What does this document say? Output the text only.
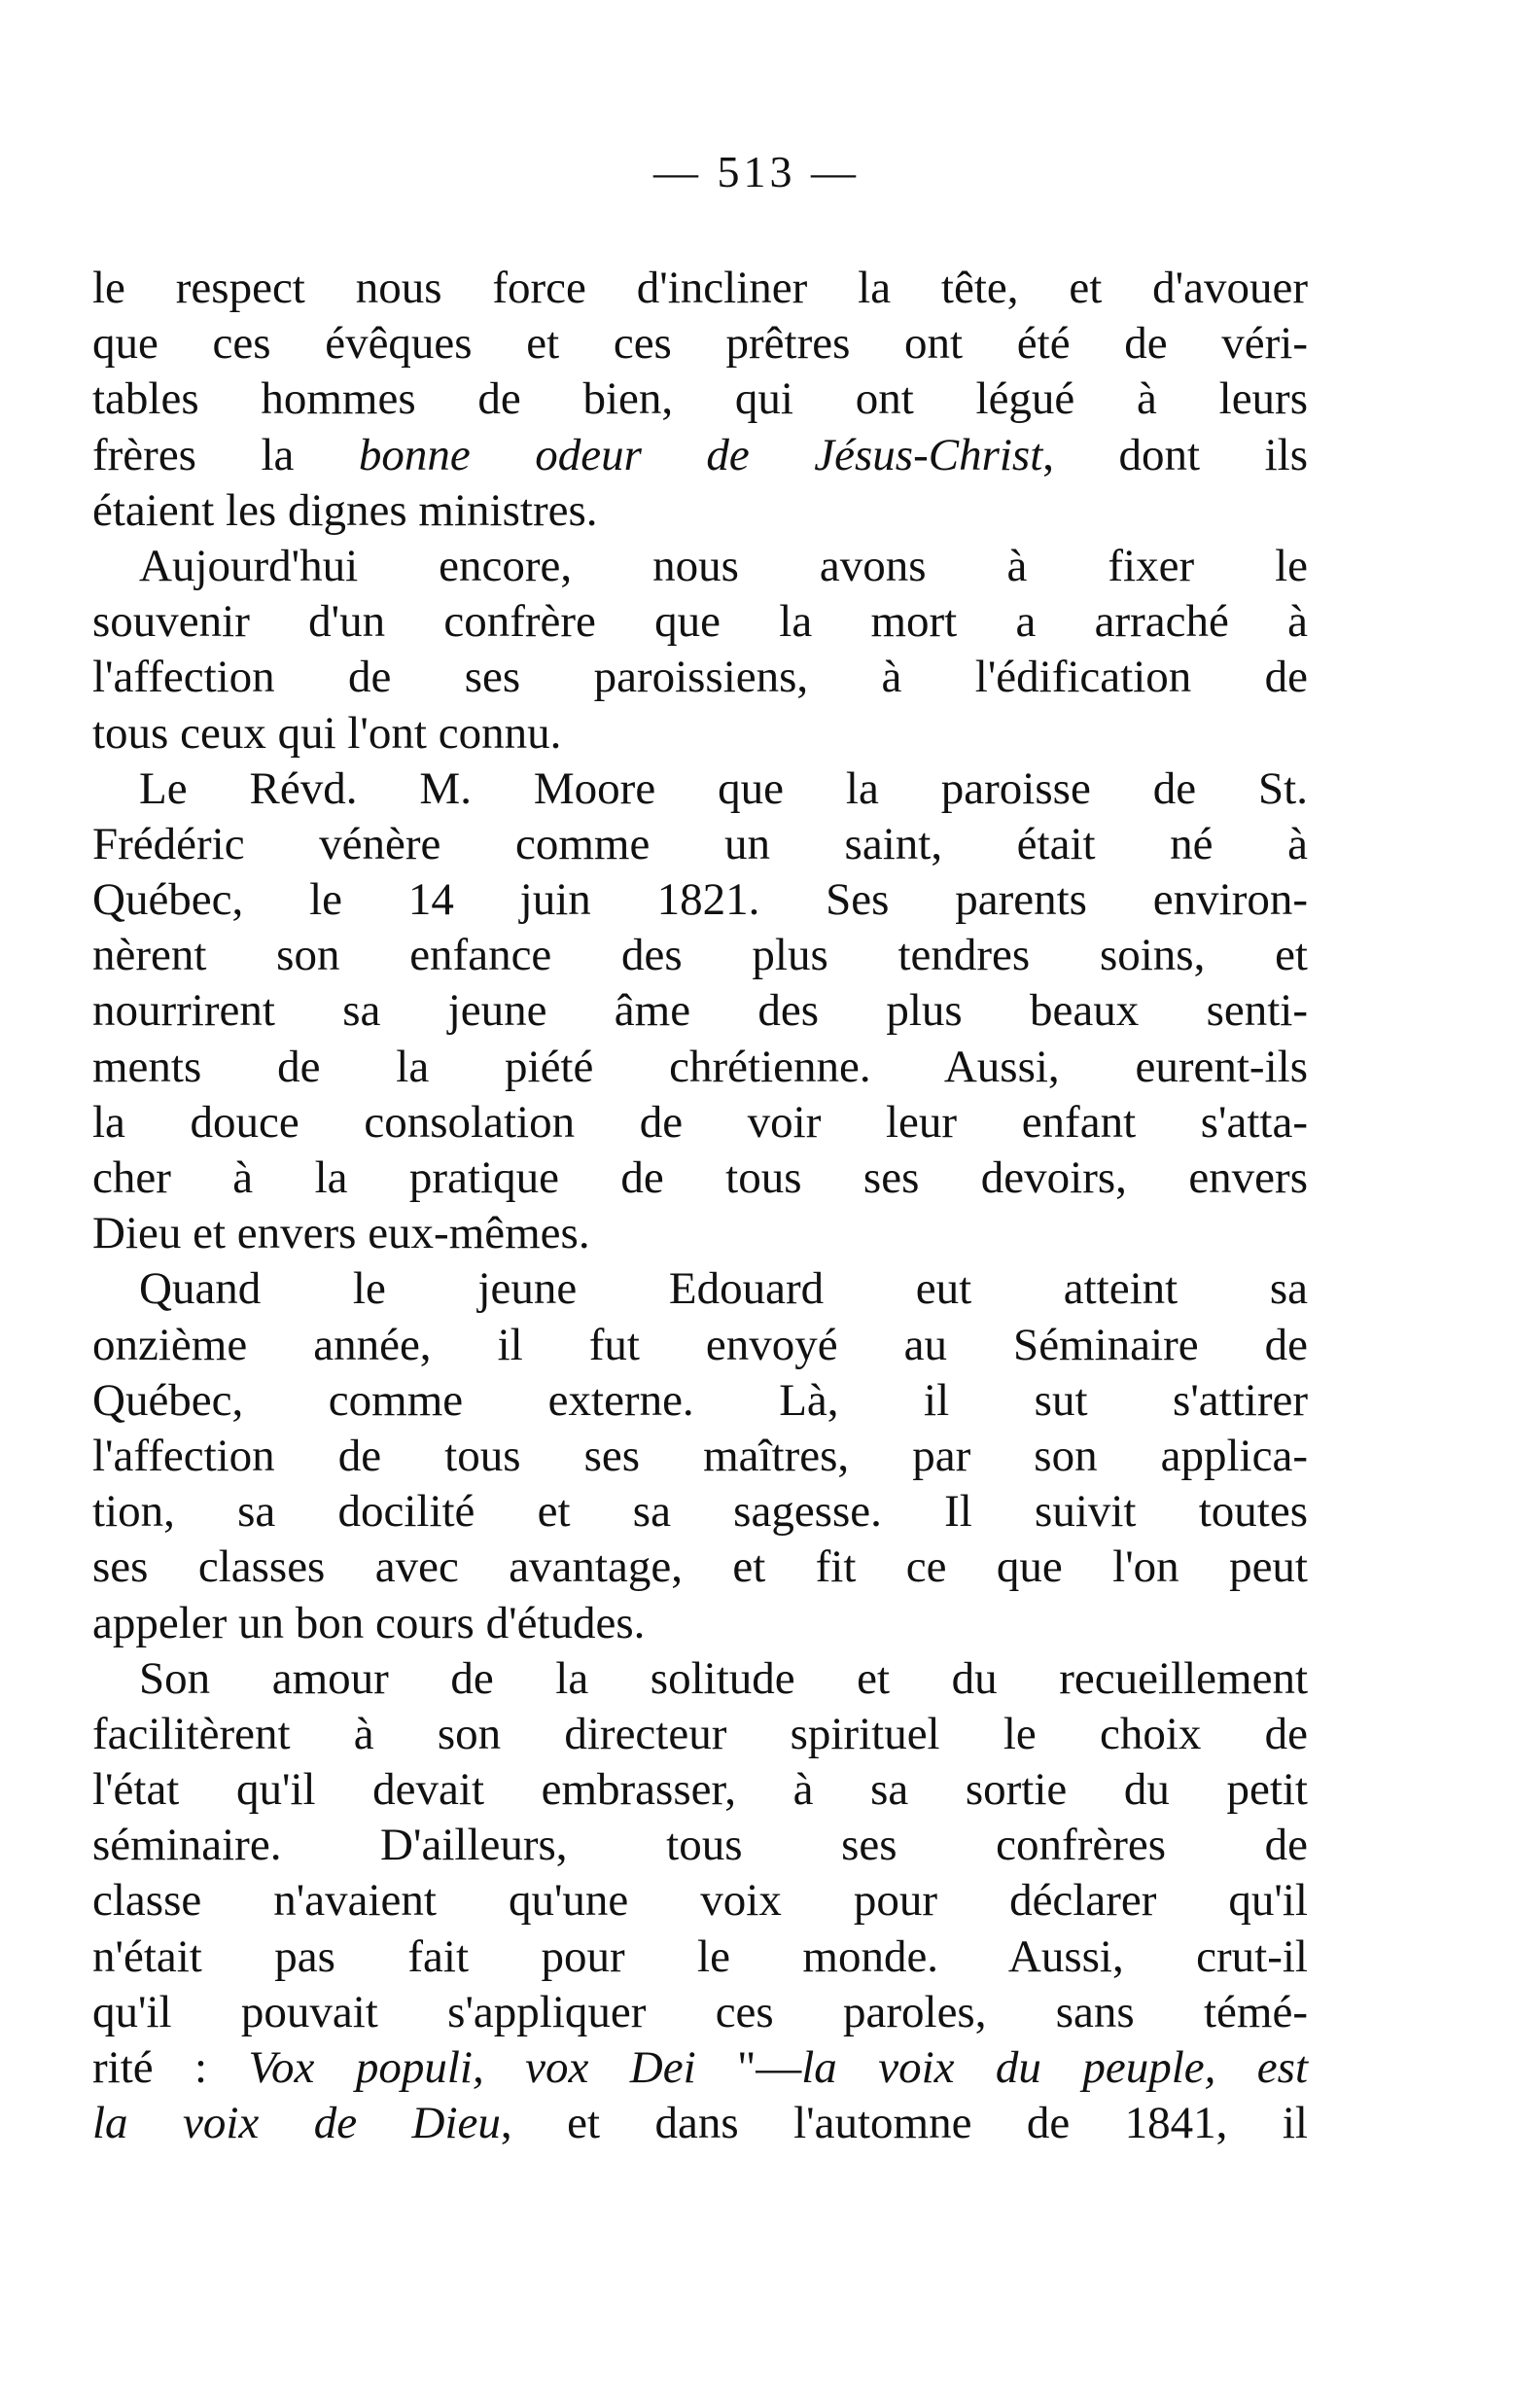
— 513 —
le respect nous force d'incliner la tête, et d'avouer
que ces évêques et ces prêtres ont été de véri-
tables hommes de bien, qui ont légué à leurs
frères la bonne odeur de Jésus-Christ, dont ils
étaient les dignes ministres.
Aujourd'hui encore, nous avons à fixer le
souvenir d'un confrère que la mort a arraché à
l'affection de ses paroissiens, à l'édification de
tous ceux qui l'ont connu.
Le Révd. M. Moore que la paroisse de St.
Frédéric vénère comme un saint, était né à
Québec, le 14 juin 1821. Ses parents environ-
nèrent son enfance des plus tendres soins, et
nourrirent sa jeune âme des plus beaux senti-
ments de la piété chrétienne. Aussi, eurent-ils
la douce consolation de voir leur enfant s'atta-
cher à la pratique de tous ses devoirs, envers
Dieu et envers eux-mêmes.
Quand le jeune Edouard eut atteint sa
onzième année, il fut envoyé au Séminaire de
Québec, comme externe. Là, il sut s'attirer
l'affection de tous ses maîtres, par son applica-
tion, sa docilité et sa sagesse. Il suivit toutes
ses classes avec avantage, et fit ce que l'on peut
appeler un bon cours d'études.
Son amour de la solitude et du recueillement
facilitèrent à son directeur spirituel le choix de
l'état qu'il devait embrasser, à sa sortie du petit
séminaire. D'ailleurs, tous ses confrères de
classe n'avaient qu'une voix pour déclarer qu'il
n'était pas fait pour le monde. Aussi, crut-il
qu'il pouvait s'appliquer ces paroles, sans témé-
rité : Vox populi, vox Dei "—la voix du peuple, est
la voix de Dieu, et dans l'automne de 1841, il
